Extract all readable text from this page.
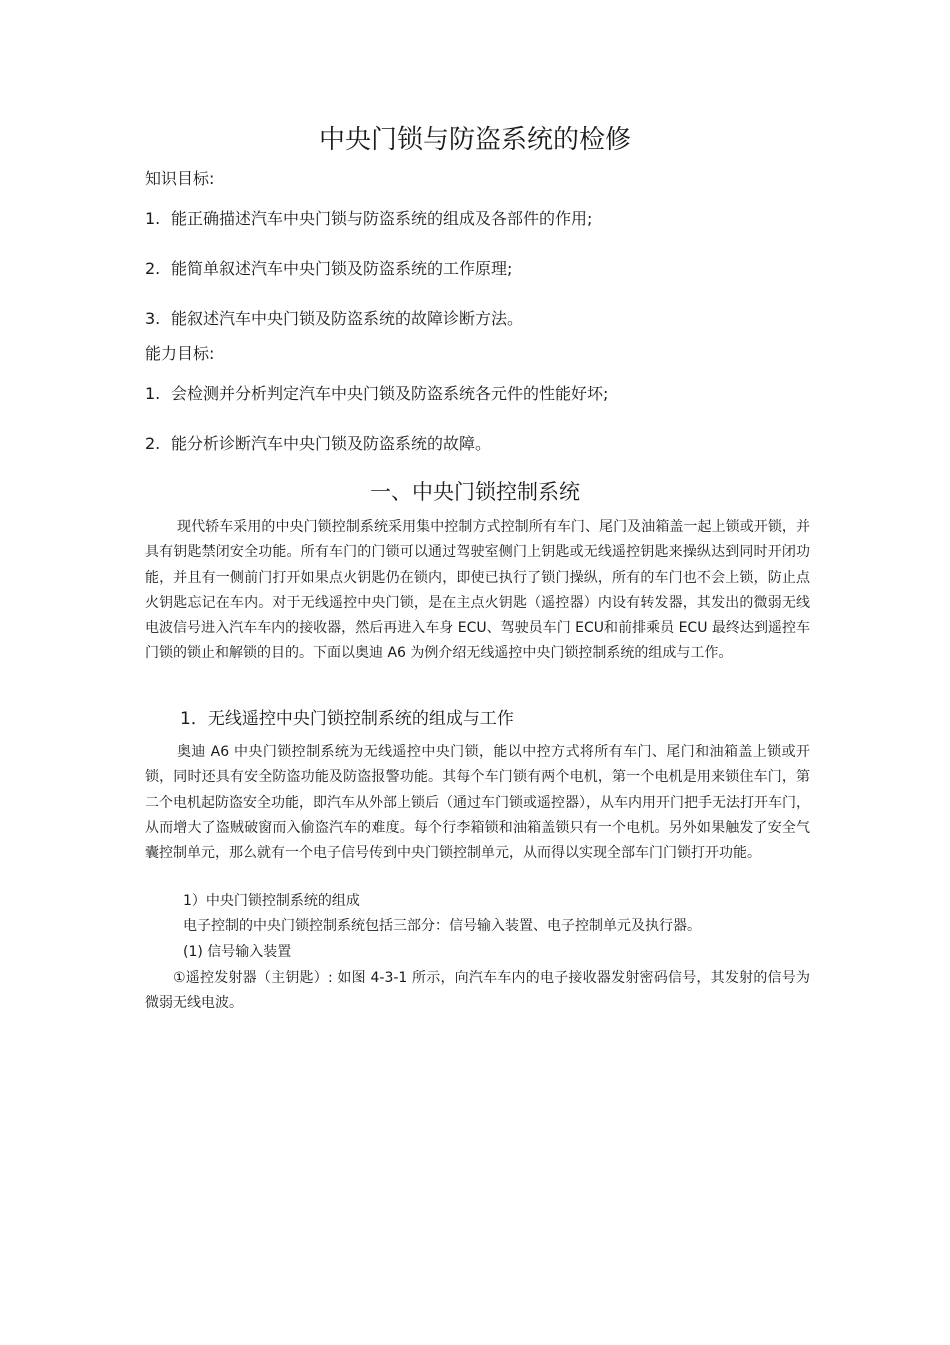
中央门锁与防盗系统的检修
知识目标:
1. 能正确描述汽车中央门锁与防盗系统的组成及各部件的作用;
2. 能简单叙述汽车中央门锁及防盗系统的工作原理;
3. 能叙述汽车中央门锁及防盗系统的故障诊断方法。
能力目标:
1. 会检测并分析判定汽车中央门锁及防盗系统各元件的性能好坏;
2. 能分析诊断汽车中央门锁及防盗系统的故障。
一、中央门锁控制系统
现代轿车采用的中央门锁控制系统采用集中控制方式控制所有车门、尾门及油箱盖一起上锁或开锁，并具有钥匙禁闭安全功能。所有车门的门锁可以通过驾驶室侧门上钥匙或无线遥控钥匙来操纵达到同时开闭功能，并且有一侧前门打开如果点火钥匙仍在锁内，即使已执行了锁门操纵，所有的车门也不会上锁，防止点火钥匙忘记在车内。对于无线遥控中央门锁，是在主点火钥匙（遥控器）内设有转发器，其发出的微弱无线电波信号进入汽车车内的接收器，然后再进入车身 ECU、驾驶员车门 ECU和前排乘员 ECU 最终达到遥控车门锁的锁止和解锁的目的。下面以奥迪 A6 为例介绍无线遥控中央门锁控制系统的组成与工作。
1．无线遥控中央门锁控制系统的组成与工作
奥迪 A6 中央门锁控制系统为无线遥控中央门锁，能以中控方式将所有车门、尾门和油箱盖上锁或开锁，同时还具有安全防盗功能及防盗报警功能。其每个车门锁有两个电机，第一个电机是用来锁住车门，第二个电机起防盗安全功能，即汽车从外部上锁后（通过车门锁或遥控器），从车内用开门把手无法打开车门，从而增大了盗贼破窗而入偷盗汽车的难度。每个行李箱锁和油箱盖锁只有一个电机。另外如果触发了安全气囊控制单元，那么就有一个电子信号传到中央门锁控制单元，从而得以实现全部车门门锁打开功能。
1）中央门锁控制系统的组成
电子控制的中央门锁控制系统包括三部分：信号输入装置、电子控制单元及执行器。
(1) 信号输入装置
①遥控发射器（主钥匙）: 如图 4-3-1 所示，向汽车车内的电子接收器发射密码信号，其发射的信号为微弱无线电波。
